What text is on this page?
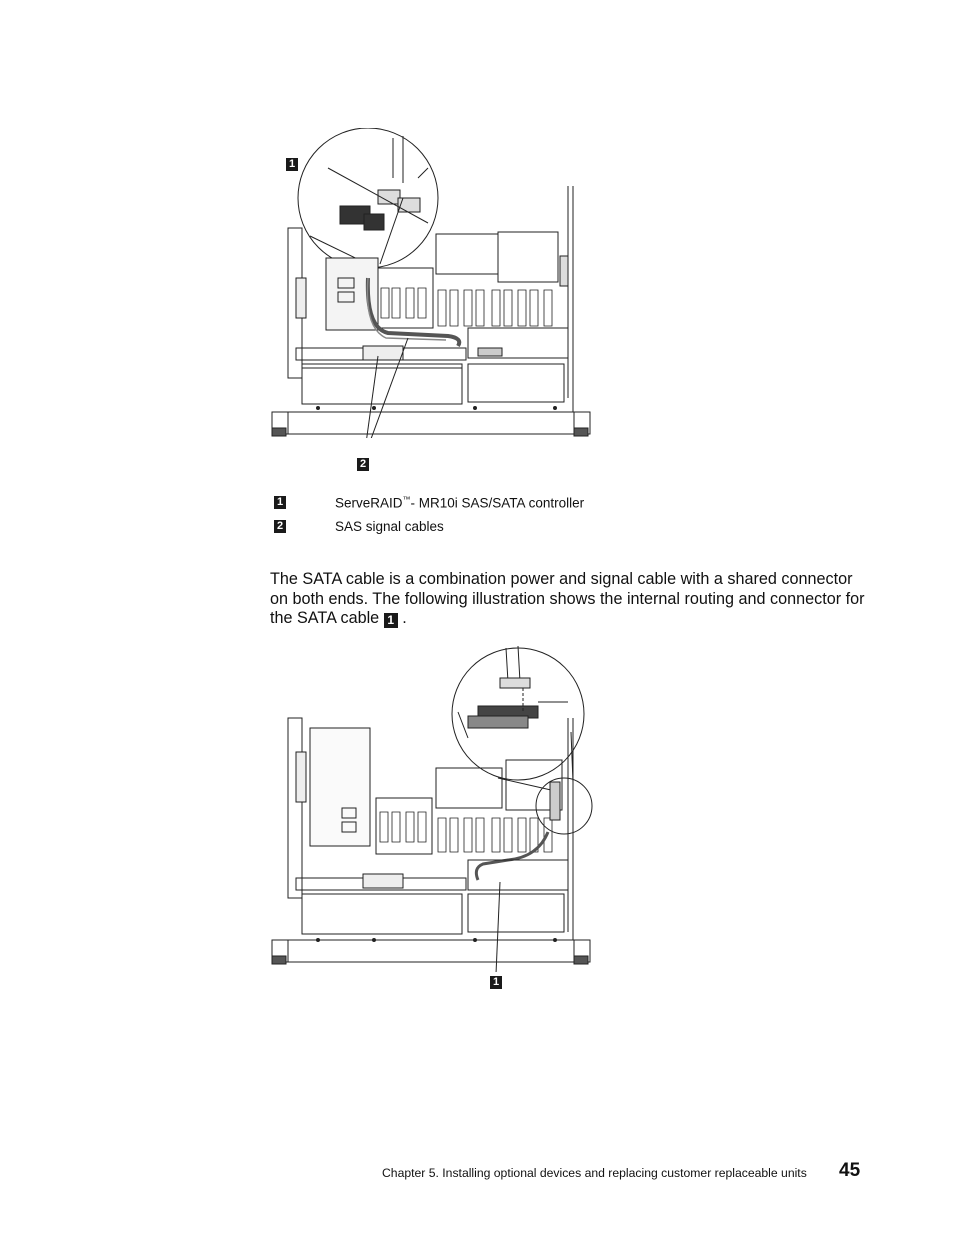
1
2
1	ServeRAID™- MR10i SAS/SATA controller
2	SAS signal cables
The SATA cable is a combination power and signal cable with a shared connector on both ends. The following illustration shows the internal routing and connector for the SATA cable 1 .
1
Chapter 5. Installing optional devices and replacing customer replaceable units 45
